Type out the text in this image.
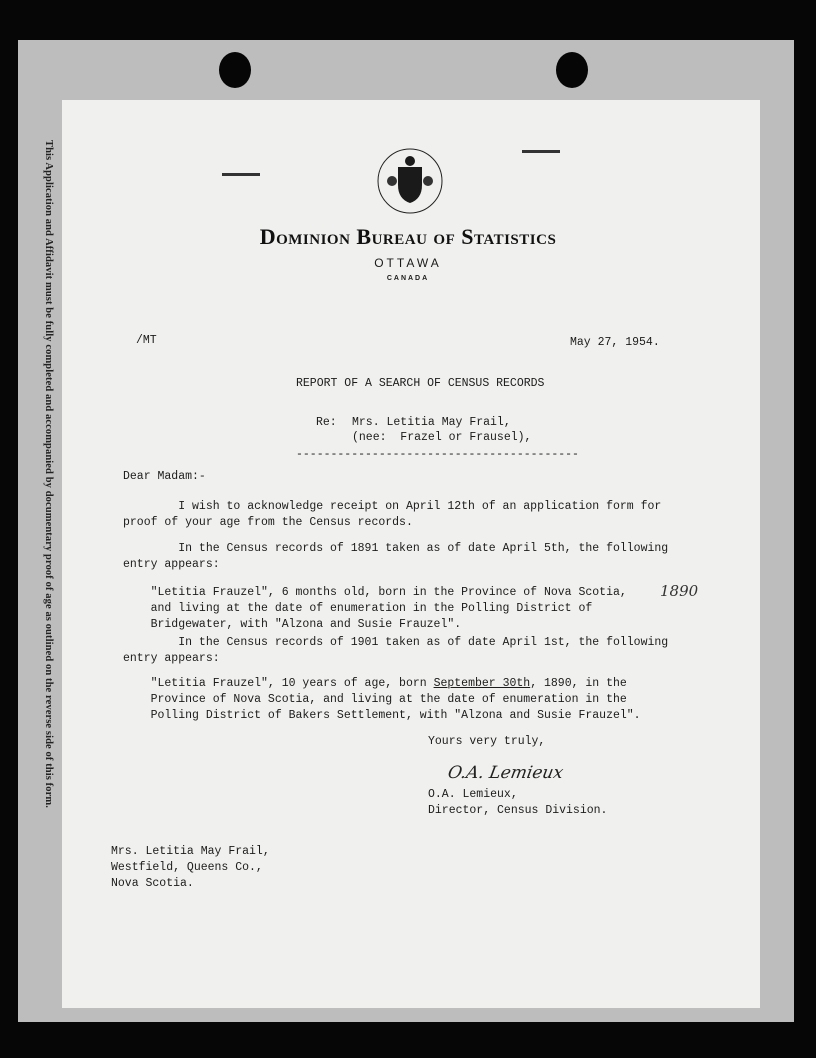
This Application and Affidavit must be fully completed and accompanied by documentary proof of age as outlined on the reverse side of this form.	Dominion Bureau of Statistics
OTTAWA
CANADA
/MT	May 27, 1954.
REPORT OF A SEARCH OF CENSUS RECORDS
Re: Mrs. Letitia May Frail,
(nee:  Frazel or Frausel),
-----------------------------------------
Dear Madam:-
I wish to acknowledge receipt on April 12th of an application form for
proof of your age from the Census records.
In the Census records of 1891 taken as of date April 5th, the following
entry appears:
"Letitia Frauzel", 6 months old, born in the Province of Nova Scotia,
and living at the date of enumeration in the Polling District of
Bridgewater, with "Alzona and Susie Frauzel".
In the Census records of 1901 taken as of date April 1st, the following
entry appears:
"Letitia Frauzel", 10 years of age, born September 30th, 1890, in the
Province of Nova Scotia, and living at the date of enumeration in the
Polling District of Bakers Settlement, with "Alzona and Susie Frauzel".
1890
Yours very truly,
O.A. Lemieux
O.A. Lemieux,
Director, Census Division.
Mrs. Letitia May Frail,
Westfield, Queens Co.,
Nova Scotia.
